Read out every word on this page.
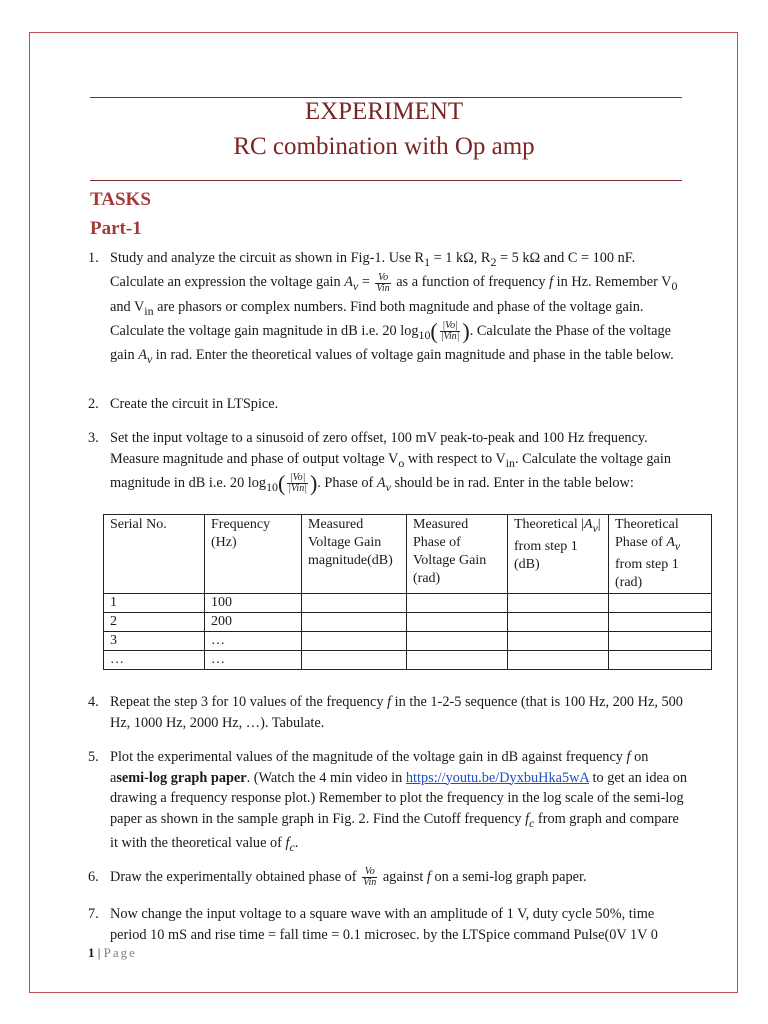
EXPERIMENT
RC combination with Op amp
TASKS
Part-1
1. Study and analyze the circuit as shown in Fig-1. Use $R_1 = 1$ kΩ, $R_2 = 5$ kΩ and C = 100 nF. Calculate an expression the voltage gain $A_v = \frac{Vo}{\text{Vin}}$ as a function of frequency f in Hz. Remember $V_0$ and $V_{in}$ are phasors or complex numbers. Find both magnitude and phase of the voltage gain. Calculate the voltage gain magnitude in dB i.e. 20 $\log_{10}( \frac{|Vo|}{\text{|Vin|}}$ ). Calculate the Phase of the voltage gain $A_v$ in rad. Enter the theoretical values of voltage gain magnitude and phase in the table below.
2. Create the circuit in LTSpice.
3. Set the input voltage to a sinusoid of zero offset, 100 mV peak-to-peak and 100 Hz frequency. Measure magnitude and phase of output voltage $V_o$ with respect to $V_{in}$. Calculate the voltage gain magnitude in dB i.e. 20 $\log_{10}( \frac{|Vo|}{\text{|Vin|}}$ ). Phase of $A_v$ should be in rad. Enter in the table below:
Serial No.	Frequency (Hz)	Measured Voltage Gain magnitude(dB)	Measured Phase of Voltage Gain (rad)	Theoretical $|A_v|$ from step 1 (dB)	Theoretical Phase of $A_v$ from step 1 (rad)
1	100				
2	200				
3	…				
…	…				
4. Repeat the step 3 for 10 values of the frequency f in the 1-2-5 sequence (that is 100 Hz, 200 Hz, 500 Hz, 1000 Hz, 2000 Hz, …). Tabulate.
5. Plot the experimental values of the magnitude of the voltage gain in dB against frequency f on asemi-log graph paper. (Watch the 4 min video in https://youtu.be/DyxbuHka5wA to get an idea on drawing a frequency response plot.) Remember to plot the frequency in the log scale of the semi-log paper as shown in the sample graph in Fig. 2. Find the Cutoff frequency $f_c$ from graph and compare it with the theoretical value of $f_c$.
6. Draw the experimentally obtained phase of $\frac{Vo}{\text{Vin}}$ against f on a semi-log graph paper.
7. Now change the input voltage to a square wave with an amplitude of 1 V, duty cycle 50%, time period 10 mS and rise time = fall time = 0.1 microsec. by the LTSpice command Pulse(0V 1V 0
1 | Page
